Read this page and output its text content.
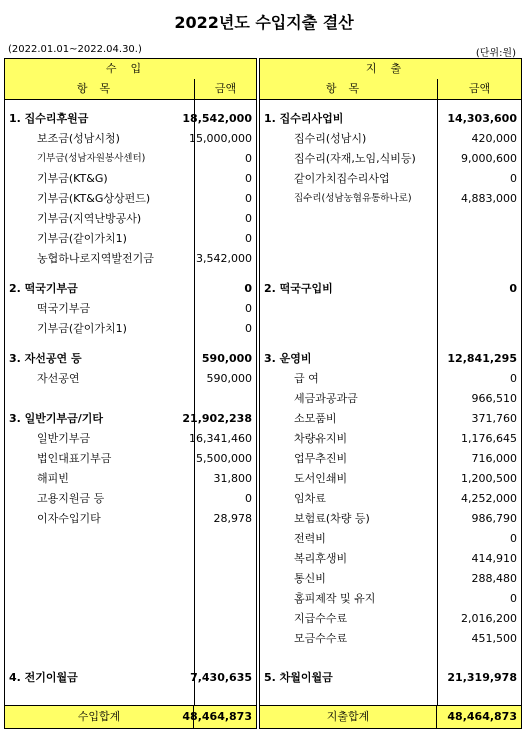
2022년도 수입지출 결산
(2022.01.01~2022.04.30.)	(단위:원)
수입
항목	금액
1. 집수리후원금	18,542,000
보조금(성남시청)	15,000,000
기부금(성남자원봉사센터)	0
기부금(KT&G)	0
기부금(KT&G상상펀드)	0
기부금(지역난방공사)	0
기부금(같이가치1)	0
농협하나로지역발전기금	3,542,000
2. 떡국기부금	0
떡국기부금	0
기부금(같이가치1)	0
3. 자선공연 등	590,000
자선공연	590,000
3. 일반기부금/기타	21,902,238
일반기부금	16,341,460
법인대표기부금	5,500,000
해피빈	31,800
고용지원금 등	0
이자수입기타	28,978
4. 전기이월금	7,430,635
수입합계	48,464,873
지출
항목	금액
1. 집수리사업비	14,303,600
집수리(성남시)	420,000
집수리(자재,노임,식비등)	9,000,600
같이가치집수리사업	0
집수리(성남농협유통하나로)	4,883,000
2. 떡국구입비	0
3. 운영비	12,841,295
급 여	0
세금과공과금	966,510
소모품비	371,760
차량유지비	1,176,645
업무추진비	716,000
도서인쇄비	1,200,500
임차료	4,252,000
보험료(차량 등)	986,790
전력비	0
복리후생비	414,910
통신비	288,480
홈피제작 및 유지	0
지급수수료	2,016,200
모금수수료	451,500
5. 차월이월금	21,319,978
지출합계	48,464,873
